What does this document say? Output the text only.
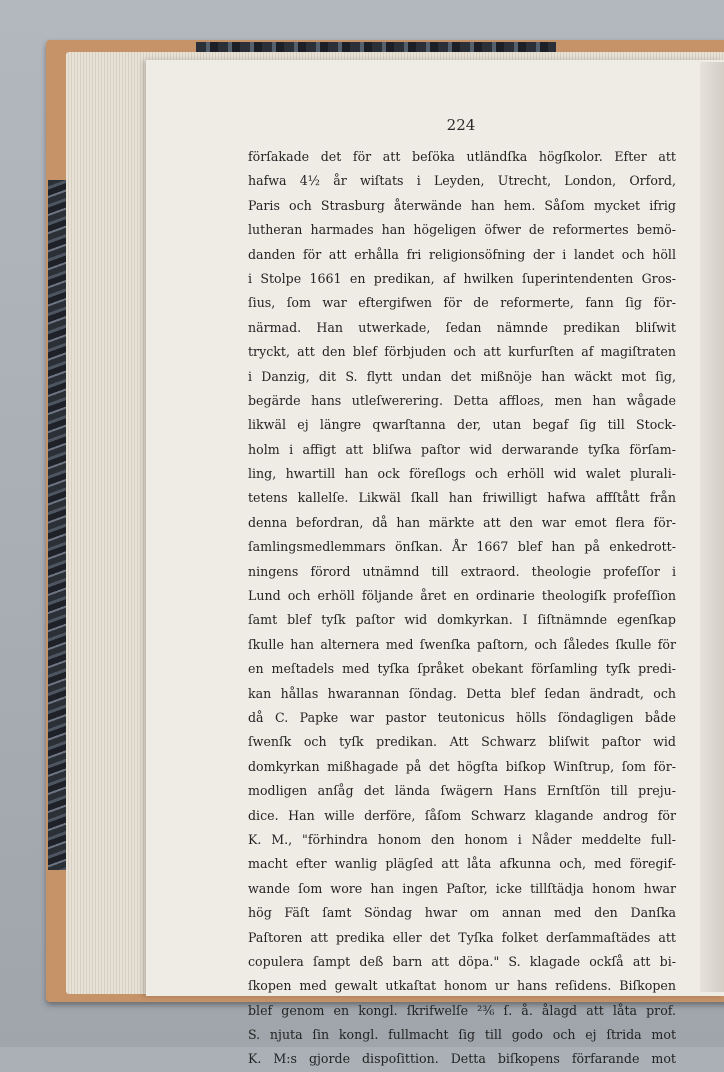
224
förſakade det för att beſöka utländſka högſkolor. Efter att
hafwa 4½ år wiſtats i Leyden, Utrecht, London, Orford,
Paris och Strasburg återwände han hem. Såſom mycket ifrig
lutheran harmades han högeligen öfwer de reformertes bemö-
danden för att erhålla fri religionsöfning der i landet och höll
i Stolpe 1661 en predikan, af hwilken ſuperintendenten Gros-
ſius, ſom war eftergifwen för de reformerte, fann ſig för-
närmad. Han utwerkade, ſedan nämnde predikan bliſwit
tryckt, att den blef förbjuden och att kurfurſten af magiſtraten
i Danzig, dit S. flytt undan det mißnöje han wäckt mot ſig,
begärde hans utleſwerering. Detta affloƨs, men han wågade
likwäl ej längre qwarſtanna der, utan begaf ſig till Stock-
holm i affigt att bliſwa paſtor wid derwarande tyſka förſam-
ling, hwartill han ock föreſlogs och erhöll wid walet plurali-
tetens kallelſe. Likwäl ſkall han friwilligt hafwa affſtått från
denna befordran, då han märkte att den war emot flera för-
ſamlingsmedlemmars önſkan. År 1667 blef han på enkedrott-
ningens förord utnämnd till extraord. theologie profeſſor i
Lund och erhöll följande året en ordinarie theologiſk profeſſion
ſamt blef tyſk paſtor wid domkyrkan. I ſiſtnämnde egenſkap
ſkulle han alternera med ſwenſka paſtorn, och ſåledes ſkulle för
en meſtadels med tyſka ſpråket obekant förſamling tyſk predi-
kan hållas hwarannan ſöndag. Detta blef ſedan ändradt, och
då C. Papke war pastor teutonicus hölls ſöndagligen både
ſwenſk och tyſk predikan. Att Schwarz bliſwit paſtor wid
domkyrkan mißhagade på det högſta biſkop Winſtrup, ſom för-
modligen anſåg det lända ſwägern Hans Ernſtſön till preju-
dice. Han wille derföre, ſåſom Schwarz klagande androg för
K. M., "förhindra honom den honom i Nåder meddelte full-
macht efter wanlig plägſed att låta afkunna och, med föregif-
wande ſom wore han ingen Paſtor, icke tillſtädja honom hwar
hög Fäſt ſamt Söndag hwar om annan med den Danſka
Paſtoren att predika eller det Tyſka folket derſammaſtädes att
copulera ſampt deß barn att döpa." S. klagade ockſå att bi-
ſkopen med gewalt utkaſtat honom ur hans reſidens. Biſkopen
blef genom en kongl. ſkrifwelſe ²³⁄₆ ſ. å. ålagd att låta prof.
S. njuta ſin kongl. fullmacht ſig till godo och ej ſtrida mot
K. M:s gjorde dispoſittion. Detta biſkopens förfarande mot
